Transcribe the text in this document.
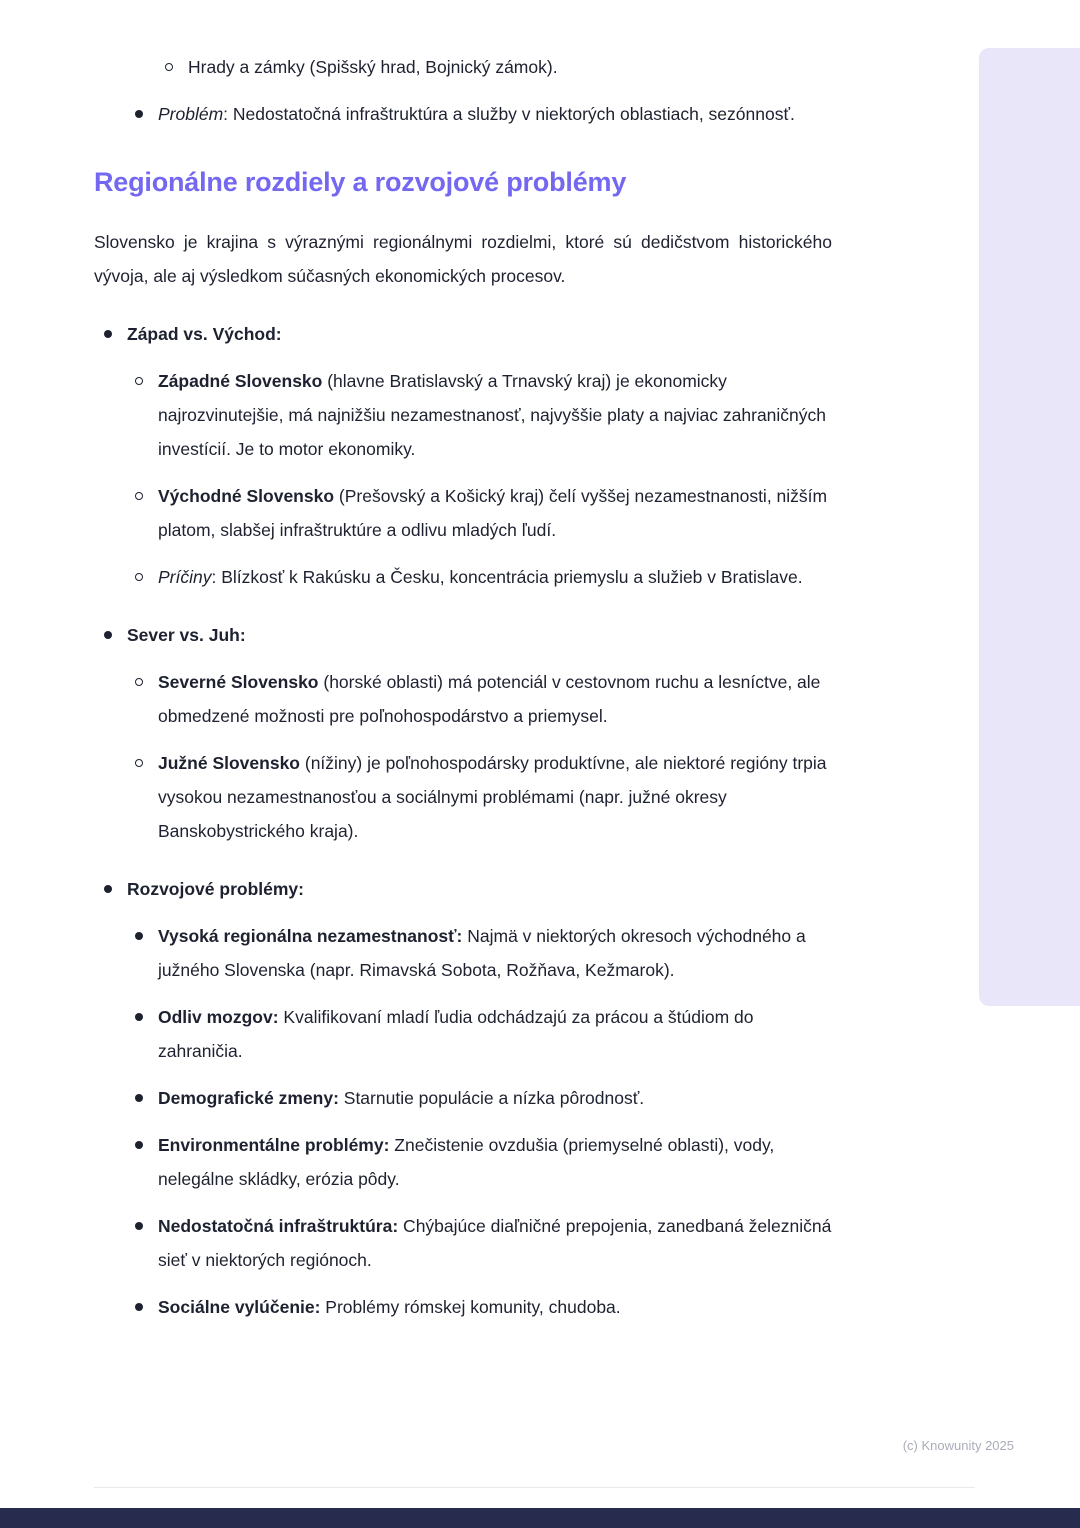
Hrady a zámky (Spišský hrad, Bojnický zámok).
Problém: Nedostatočná infraštruktúra a služby v niektorých oblastiach, sezónnosť.
Regionálne rozdiely a rozvojové problémy

Slovensko je krajina s výraznými regionálnymi rozdielmi, ktoré sú dedičstvom historického vývoja, ale aj výsledkom súčasných ekonomických procesov.

Západ vs. Východ:
Západné Slovensko (hlavne Bratislavský a Trnavský kraj) je ekonomicky najrozvinutejšie, má najnižšiu nezamestnanosť, najvyššie platy a najviac zahraničných investícií. Je to motor ekonomiky.
Východné Slovensko (Prešovský a Košický kraj) čelí vyššej nezamestnanosti, nižším platom, slabšej infraštruktúre a odlivu mladých ľudí.
Príčiny: Blízkosť k Rakúsku a Česku, koncentrácia priemyslu a služieb v Bratislave.
Sever vs. Juh:
Severné Slovensko (horské oblasti) má potenciál v cestovnom ruchu a lesníctve, ale obmedzené možnosti pre poľnohospodárstvo a priemysel.
Južné Slovensko (nížiny) je poľnohospodársky produktívne, ale niektoré regióny trpia vysokou nezamestnanosťou a sociálnymi problémami (napr. južné okresy Banskobystrického kraja).
Rozvojové problémy:
Vysoká regionálna nezamestnanosť: Najmä v niektorých okresoch východného a južného Slovenska (napr. Rimavská Sobota, Rožňava, Kežmarok).
Odliv mozgov: Kvalifikovaní mladí ľudia odchádzajú za prácou a štúdiom do zahraničia.
Demografické zmeny: Starnutie populácie a nízka pôrodnosť.
Environmentálne problémy: Znečistenie ovzdušia (priemyselné oblasti), vody, nelegálne skládky, erózia pôdy.
Nedostatočná infraštruktúra: Chýbajúce diaľničné prepojenia, zanedbaná železničná sieť v niektorých regiónoch.
Sociálne vylúčenie: Problémy rómskej komunity, chudoba.
(c) Knowunity 2025
